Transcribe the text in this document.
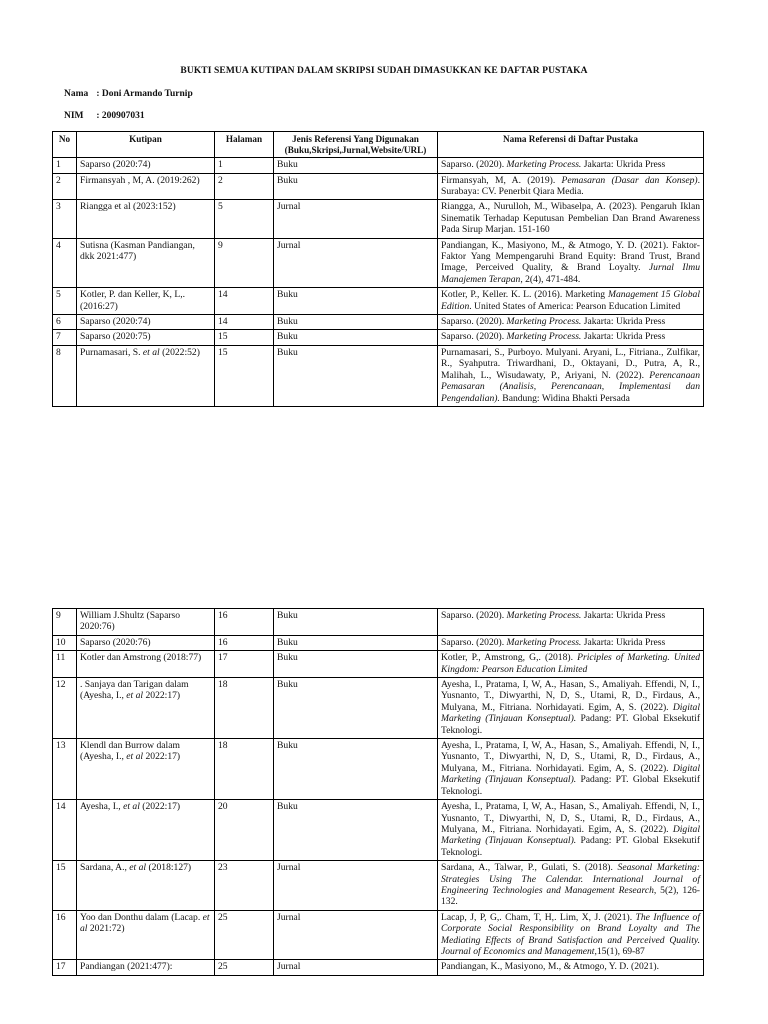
BUKTI SEMUA KUTIPAN DALAM SKRIPSI SUDAH DIMASUKKAN KE DAFTAR PUSTAKA
Nama : Doni Armando Turnip
NIM : 200907031
No	Kutipan	Halaman	Jenis Referensi Yang Digunakan (Buku,Skripsi,Jurnal,Website/URL)	Nama Referensi di Daftar Pustaka
1	Saparso (2020:74)	1	Buku	Saparso. (2020). Marketing Process. Jakarta: Ukrida Press
2	Firmansyah , M, A. (2019:262)	2	Buku	Firmansyah, M, A. (2019). Pemasaran (Dasar dan Konsep). Surabaya: CV. Penerbit Qiara Media.
3	Riangga et al (2023:152)	5	Jurnal	Riangga, A., Nurulloh, M., Wibaselpa, A. (2023). Pengaruh Iklan Sinematik Terhadap Keputusan Pembelian Dan Brand Awareness Pada Sirup Marjan. 151-160
4	Sutisna (Kasman Pandiangan, dkk 2021:477)	9	Jurnal	Pandiangan, K., Masiyono, M., & Atmogo, Y. D. (2021). Faktor-Faktor Yang Mempengaruhi Brand Equity: Brand Trust, Brand Image, Perceived Quality, & Brand Loyalty. Jurnal Ilmu Manajemen Terapan, 2(4), 471-484.
5	Kotler, P. dan Keller, K, L,. (2016:27)	14	Buku	Kotler, P., Keller. K. L. (2016). Marketing Management 15 Global Edition. United States of America: Pearson Education Limited
6	Saparso (2020:74)	14	Buku	Saparso. (2020). Marketing Process. Jakarta: Ukrida Press
7	Saparso (2020:75)	15	Buku	Saparso. (2020). Marketing Process. Jakarta: Ukrida Press
8	Purnamasari, S. et al (2022:52)	15	Buku	Purnamasari, S., Purboyo. Mulyani. Aryani, L., Fitriana., Zulfikar, R., Syahputra. Triwardhani, D., Oktayani, D., Putra, A, R., Malihah, L., Wisudawaty, P., Ariyani, N. (2022). Perencanaan Pemasaran (Analisis, Perencanaan, Implementasi dan Pengendalian). Bandung: Widina Bhakti Persada
9	William J.Shultz (Saparso 2020:76)	16	Buku	Saparso. (2020). Marketing Process. Jakarta: Ukrida Press
10	Saparso (2020:76)	16	Buku	Saparso. (2020). Marketing Process. Jakarta: Ukrida Press
11	Kotler dan Amstrong (2018:77)	17	Buku	Kotler, P., Amstrong, G,. (2018). Priciples of Marketing. United Kingdom: Pearson Education Limited
12	. Sanjaya dan Tarigan dalam (Ayesha, I., et al 2022:17)	18	Buku	Ayesha, I., Pratama, I, W, A., Hasan, S., Amaliyah. Effendi, N, I., Yusnanto, T., Diwyarthi, N, D, S., Utami, R, D., Firdaus, A., Mulyana, M., Fitriana. Norhidayati. Egim, A, S. (2022). Digital Marketing (Tinjauan Konseptual). Padang: PT. Global Eksekutif Teknologi.
13	Klendl dan Burrow dalam (Ayesha, I., et al 2022:17)	18	Buku	Ayesha, I., Pratama, I, W, A., Hasan, S., Amaliyah. Effendi, N, I., Yusnanto, T., Diwyarthi, N, D, S., Utami, R, D., Firdaus, A., Mulyana, M., Fitriana. Norhidayati. Egim, A, S. (2022). Digital Marketing (Tinjauan Konseptual). Padang: PT. Global Eksekutif Teknologi.
14	Ayesha, I., et al (2022:17)	20	Buku	Ayesha, I., Pratama, I, W, A., Hasan, S., Amaliyah. Effendi, N, I., Yusnanto, T., Diwyarthi, N, D, S., Utami, R, D., Firdaus, A., Mulyana, M., Fitriana. Norhidayati. Egim, A, S. (2022). Digital Marketing (Tinjauan Konseptual). Padang: PT. Global Eksekutif Teknologi.
15	Sardana, A., et al (2018:127)	23	Jurnal	Sardana, A., Talwar, P., Gulati, S. (2018). Seasonal Marketing: Strategies Using The Calendar. International Journal of Engineering Technologies and Management Research, 5(2), 126-132.
16	Yoo dan Donthu dalam (Lacap. et al 2021:72)	25	Jurnal	Lacap, J, P, G,. Cham, T, H,. Lim, X, J. (2021). The Influence of Corporate Social Responsibility on Brand Loyalty and The Mediating Effects of Brand Satisfaction and Perceived Quality. Journal of Economics and Management,15(1), 69-87
17	Pandiangan (2021:477):	25	Jurnal	Pandiangan, K., Masiyono, M., & Atmogo, Y. D. (2021).
